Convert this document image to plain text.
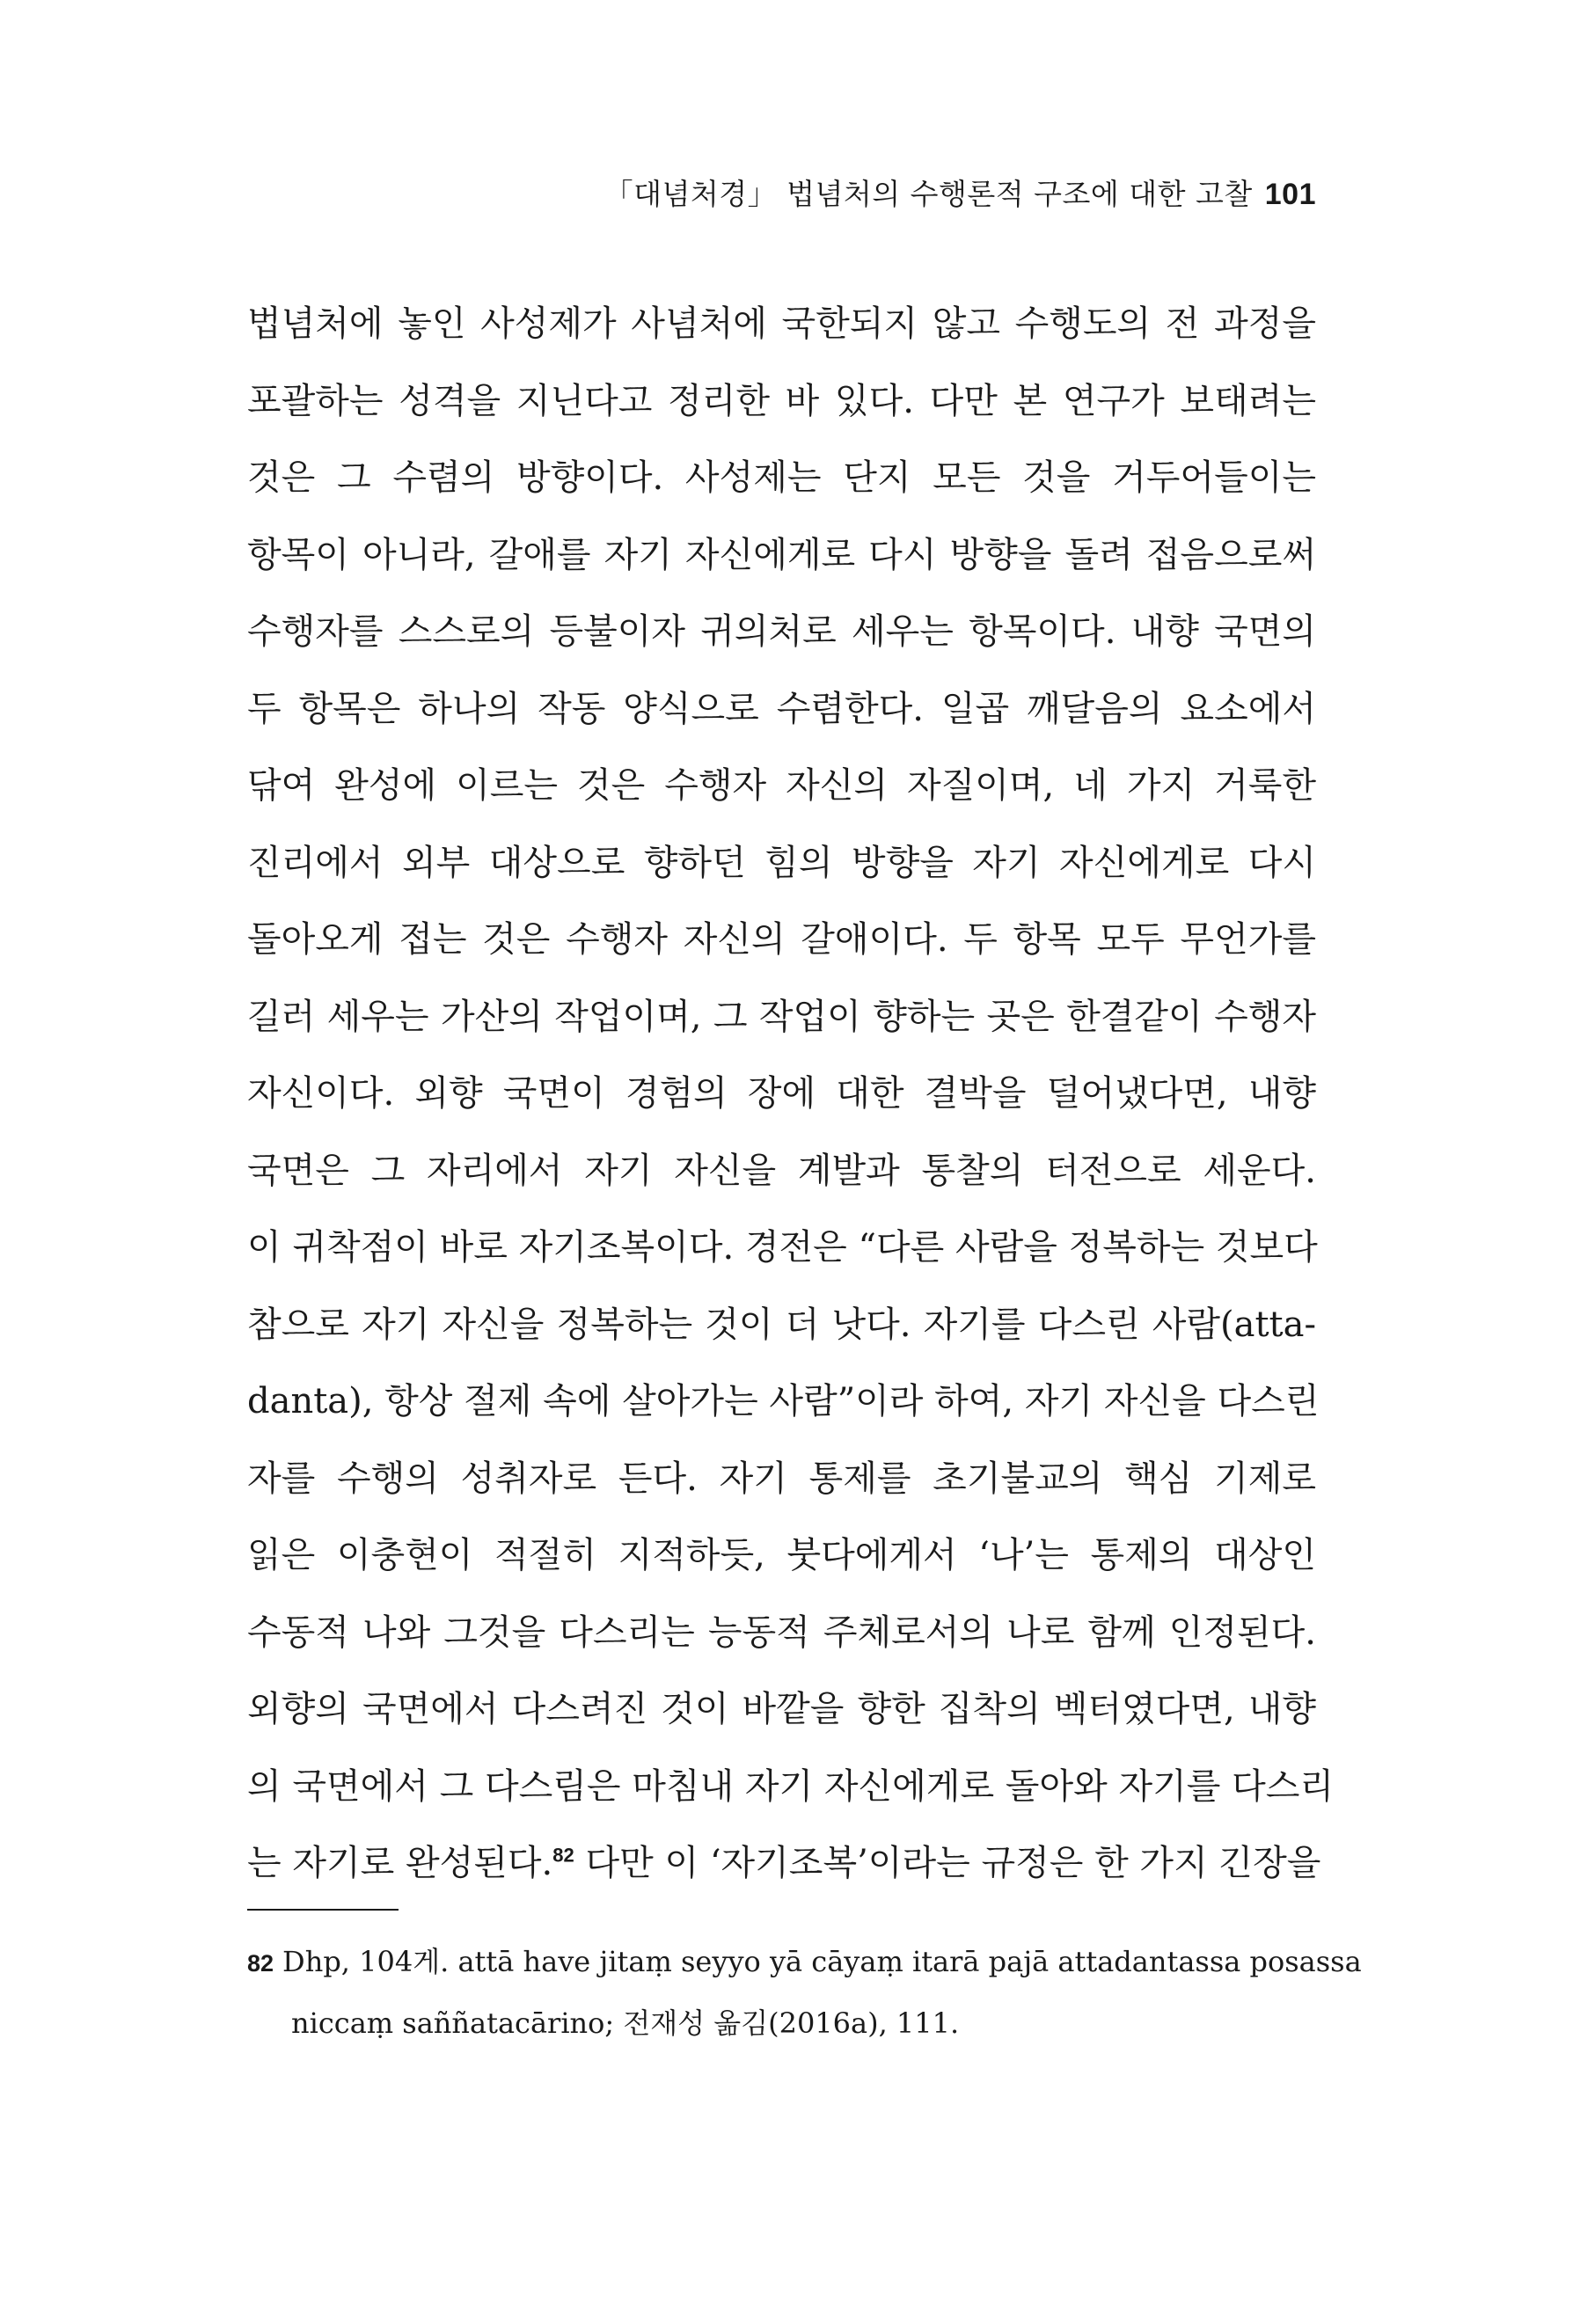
「대념처경」 법념처의 수행론적 구조에 대한 고찰 101
법념처에 놓인 사성제가 사념처에 국한되지 않고 수행도의 전 과정을
포괄하는 성격을 지닌다고 정리한 바 있다. 다만 본 연구가 보태려는
것은 그 수렴의 방향이다. 사성제는 단지 모든 것을 거두어들이는
항목이 아니라, 갈애를 자기 자신에게로 다시 방향을 돌려 접음으로써
수행자를 스스로의 등불이자 귀의처로 세우는 항목이다. 내향 국면의
두 항목은 하나의 작동 양식으로 수렴한다. 일곱 깨달음의 요소에서
닦여 완성에 이르는 것은 수행자 자신의 자질이며, 네 가지 거룩한
진리에서 외부 대상으로 향하던 힘의 방향을 자기 자신에게로 다시
돌아오게 접는 것은 수행자 자신의 갈애이다. 두 항목 모두 무언가를
길러 세우는 가산의 작업이며, 그 작업이 향하는 곳은 한결같이 수행자
자신이다. 외향 국면이 경험의 장에 대한 결박을 덜어냈다면, 내향
국면은 그 자리에서 자기 자신을 계발과 통찰의 터전으로 세운다.
이 귀착점이 바로 자기조복이다. 경전은 “다른 사람을 정복하는 것보다
참으로 자기 자신을 정복하는 것이 더 낫다. 자기를 다스린 사람(atta-
danta), 항상 절제 속에 살아가는 사람”이라 하여, 자기 자신을 다스린
자를 수행의 성취자로 든다. 자기 통제를 초기불교의 핵심 기제로
읽은 이충현이 적절히 지적하듯, 붓다에게서 ‘나’는 통제의 대상인
수동적 나와 그것을 다스리는 능동적 주체로서의 나로 함께 인정된다.
외향의 국면에서 다스려진 것이 바깥을 향한 집착의 벡터였다면, 내향
의 국면에서 그 다스림은 마침내 자기 자신에게로 돌아와 자기를 다스리
는 자기로 완성된다.$^{82}$ 다만 이 ‘자기조복’이라는 규정은 한 가지 긴장을
82 Dhp, 104게. attā have jitaṃ seyyo yā cāyaṃ itarā pajā attadantassa posassa
niccaṃ saññatacārino; 전재성 옮김(2016a), 111.
